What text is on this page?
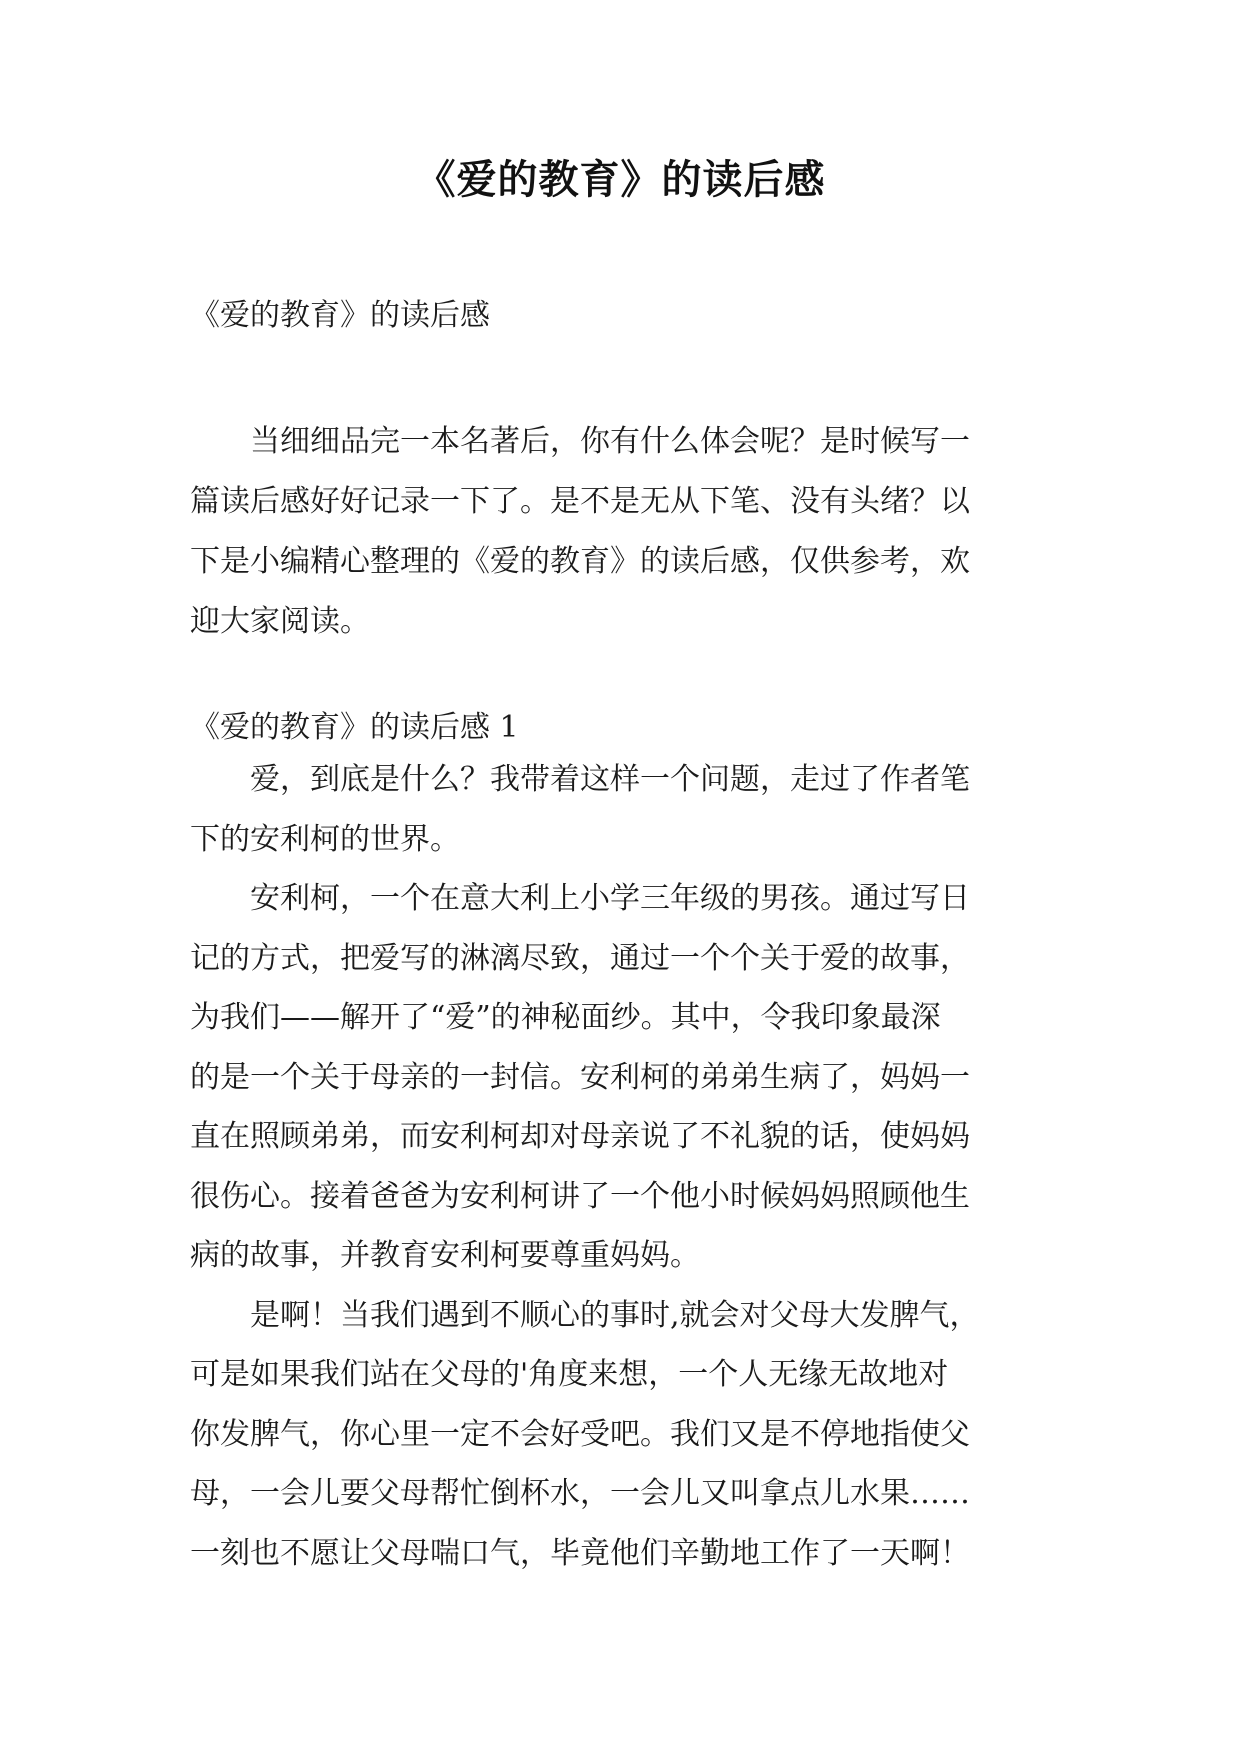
《爱的教育》的读后感
《爱的教育》的读后感
当细细品完一本名著后，你有什么体会呢？是时候写一
篇读后感好好记录一下了。是不是无从下笔、没有头绪？以
下是小编精心整理的《爱的教育》的读后感，仅供参考，欢
迎大家阅读。
《爱的教育》的读后感 1
爱，到底是什么？我带着这样一个问题，走过了作者笔
下的安利柯的世界。
安利柯，一个在意大利上小学三年级的男孩。通过写日
记的方式，把爱写的淋漓尽致，通过一个个关于爱的故事，
为我们——解开了“爱”的神秘面纱。其中，令我印象最深
的是一个关于母亲的一封信。安利柯的弟弟生病了，妈妈一
直在照顾弟弟，而安利柯却对母亲说了不礼貌的话，使妈妈
很伤心。接着爸爸为安利柯讲了一个他小时候妈妈照顾他生
病的故事，并教育安利柯要尊重妈妈。
是啊！当我们遇到不顺心的事时,就会对父母大发脾气，
可是如果我们站在父母的'角度来想，一个人无缘无故地对
你发脾气，你心里一定不会好受吧。我们又是不停地指使父
母，一会儿要父母帮忙倒杯水，一会儿又叫拿点儿水果……
一刻也不愿让父母喘口气，毕竟他们辛勤地工作了一天啊！
